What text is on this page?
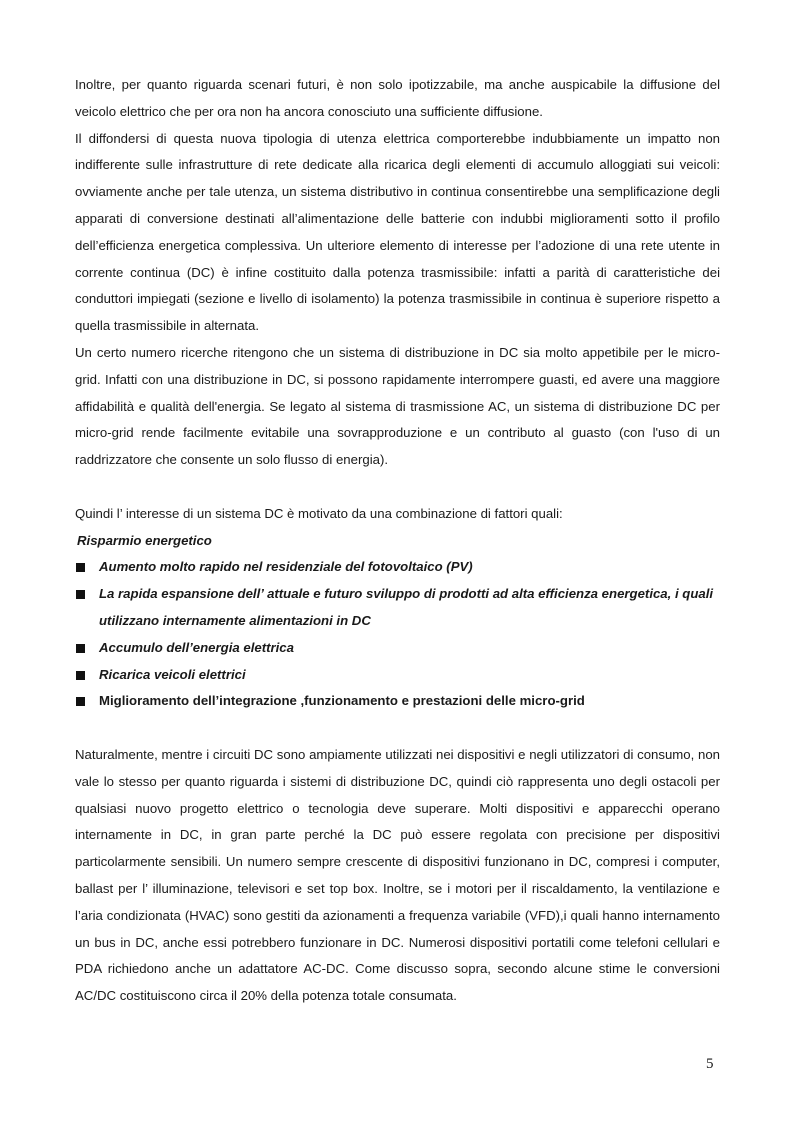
Inoltre, per quanto riguarda scenari futuri, è non solo ipotizzabile, ma anche auspicabile la diffusione del veicolo elettrico che per ora non ha ancora conosciuto una sufficiente diffusione.

Il diffondersi di questa nuova tipologia di utenza elettrica comporterebbe indubbiamente un impatto non indifferente sulle infrastrutture di rete dedicate alla ricarica degli elementi di accumulo alloggiati sui veicoli: ovviamente anche per tale utenza, un sistema distributivo in continua consentirebbe una semplificazione degli apparati di conversione destinati all’alimentazione delle batterie con indubbi miglioramenti sotto il profilo dell’efficienza energetica complessiva. Un ulteriore elemento di interesse per l’adozione di una rete utente in corrente continua (DC) è infine costituito dalla potenza trasmissibile: infatti a parità di caratteristiche dei conduttori impiegati (sezione e livello di isolamento) la potenza trasmissibile in continua è superiore rispetto a quella trasmissibile in alternata.

Un certo numero ricerche ritengono che un sistema di distribuzione in DC sia molto appetibile per le micro-grid. Infatti con una distribuzione in DC, si possono rapidamente interrompere guasti, ed avere una maggiore affidabilità e qualità dell'energia. Se legato al sistema di trasmissione AC, un sistema di distribuzione DC per micro-grid rende facilmente evitabile una sovrapproduzione e un contributo al guasto (con l'uso di un raddrizzatore che consente un solo flusso di energia).

Quindi l’ interesse di un sistema DC è motivato da una combinazione di fattori quali:

Risparmio energetico

Aumento molto rapido nel residenziale del fotovoltaico (PV)
La rapida espansione dell’ attuale e futuro sviluppo di prodotti ad alta efficienza energetica, i quali utilizzano internamente alimentazioni in DC
Accumulo dell’energia elettrica
Ricarica veicoli elettrici
Miglioramento dell’integrazione ,funzionamento e prestazioni delle micro-grid

Naturalmente, mentre i circuiti DC sono ampiamente utilizzati nei dispositivi e negli utilizzatori di consumo, non vale lo stesso per quanto riguarda i sistemi di distribuzione DC, quindi ciò rappresenta uno degli ostacoli per qualsiasi nuovo progetto elettrico o tecnologia deve superare. Molti dispositivi e apparecchi operano internamente in DC, in gran parte perché la DC può essere regolata con precisione per dispositivi particolarmente sensibili. Un numero sempre crescente di dispositivi funzionano in DC, compresi i computer, ballast per l’ illuminazione, televisori e set top box. Inoltre, se i motori per il riscaldamento, la ventilazione e l’aria condizionata (HVAC) sono gestiti da azionamenti a frequenza variabile (VFD),i quali hanno internamento un bus in DC, anche essi potrebbero funzionare in DC. Numerosi dispositivi portatili come telefoni cellulari e PDA richiedono anche un adattatore AC-DC. Come discusso sopra, secondo alcune stime le conversioni AC/DC costituiscono circa il 20% della potenza totale consumata.

5
